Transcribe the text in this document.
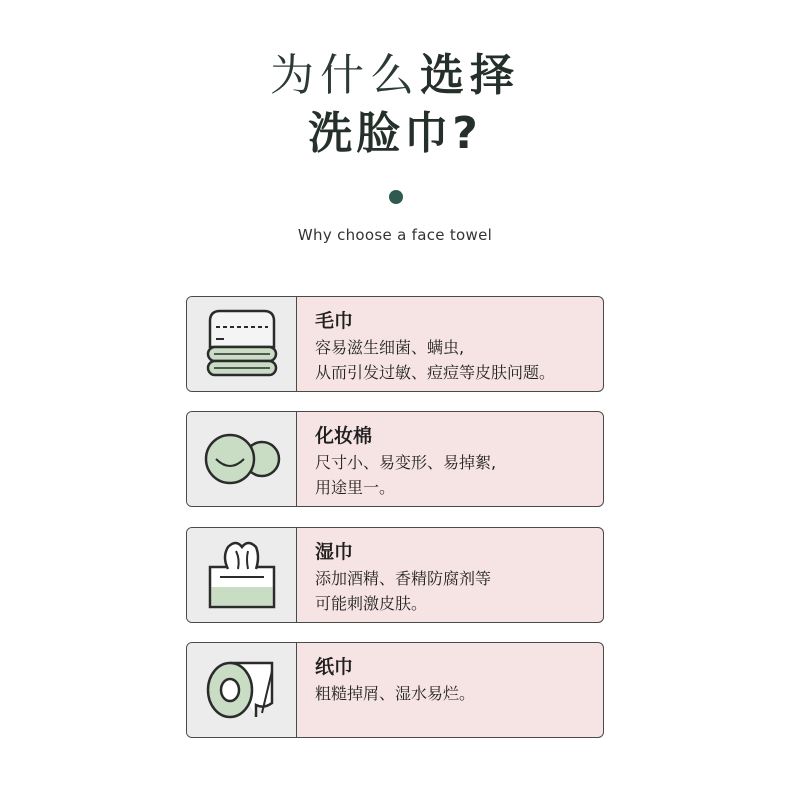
为什么选择
洗脸巾?
Why choose a face towel
毛巾
容易滋生细菌、螨虫,
从而引发过敏、痘痘等皮肤问题。
化妆棉
尺寸小、易变形、易掉絮,
用途里一。
湿巾
添加酒精、香精防腐剂等
可能刺激皮肤。
纸巾
粗糙掉屑、湿水易烂。
